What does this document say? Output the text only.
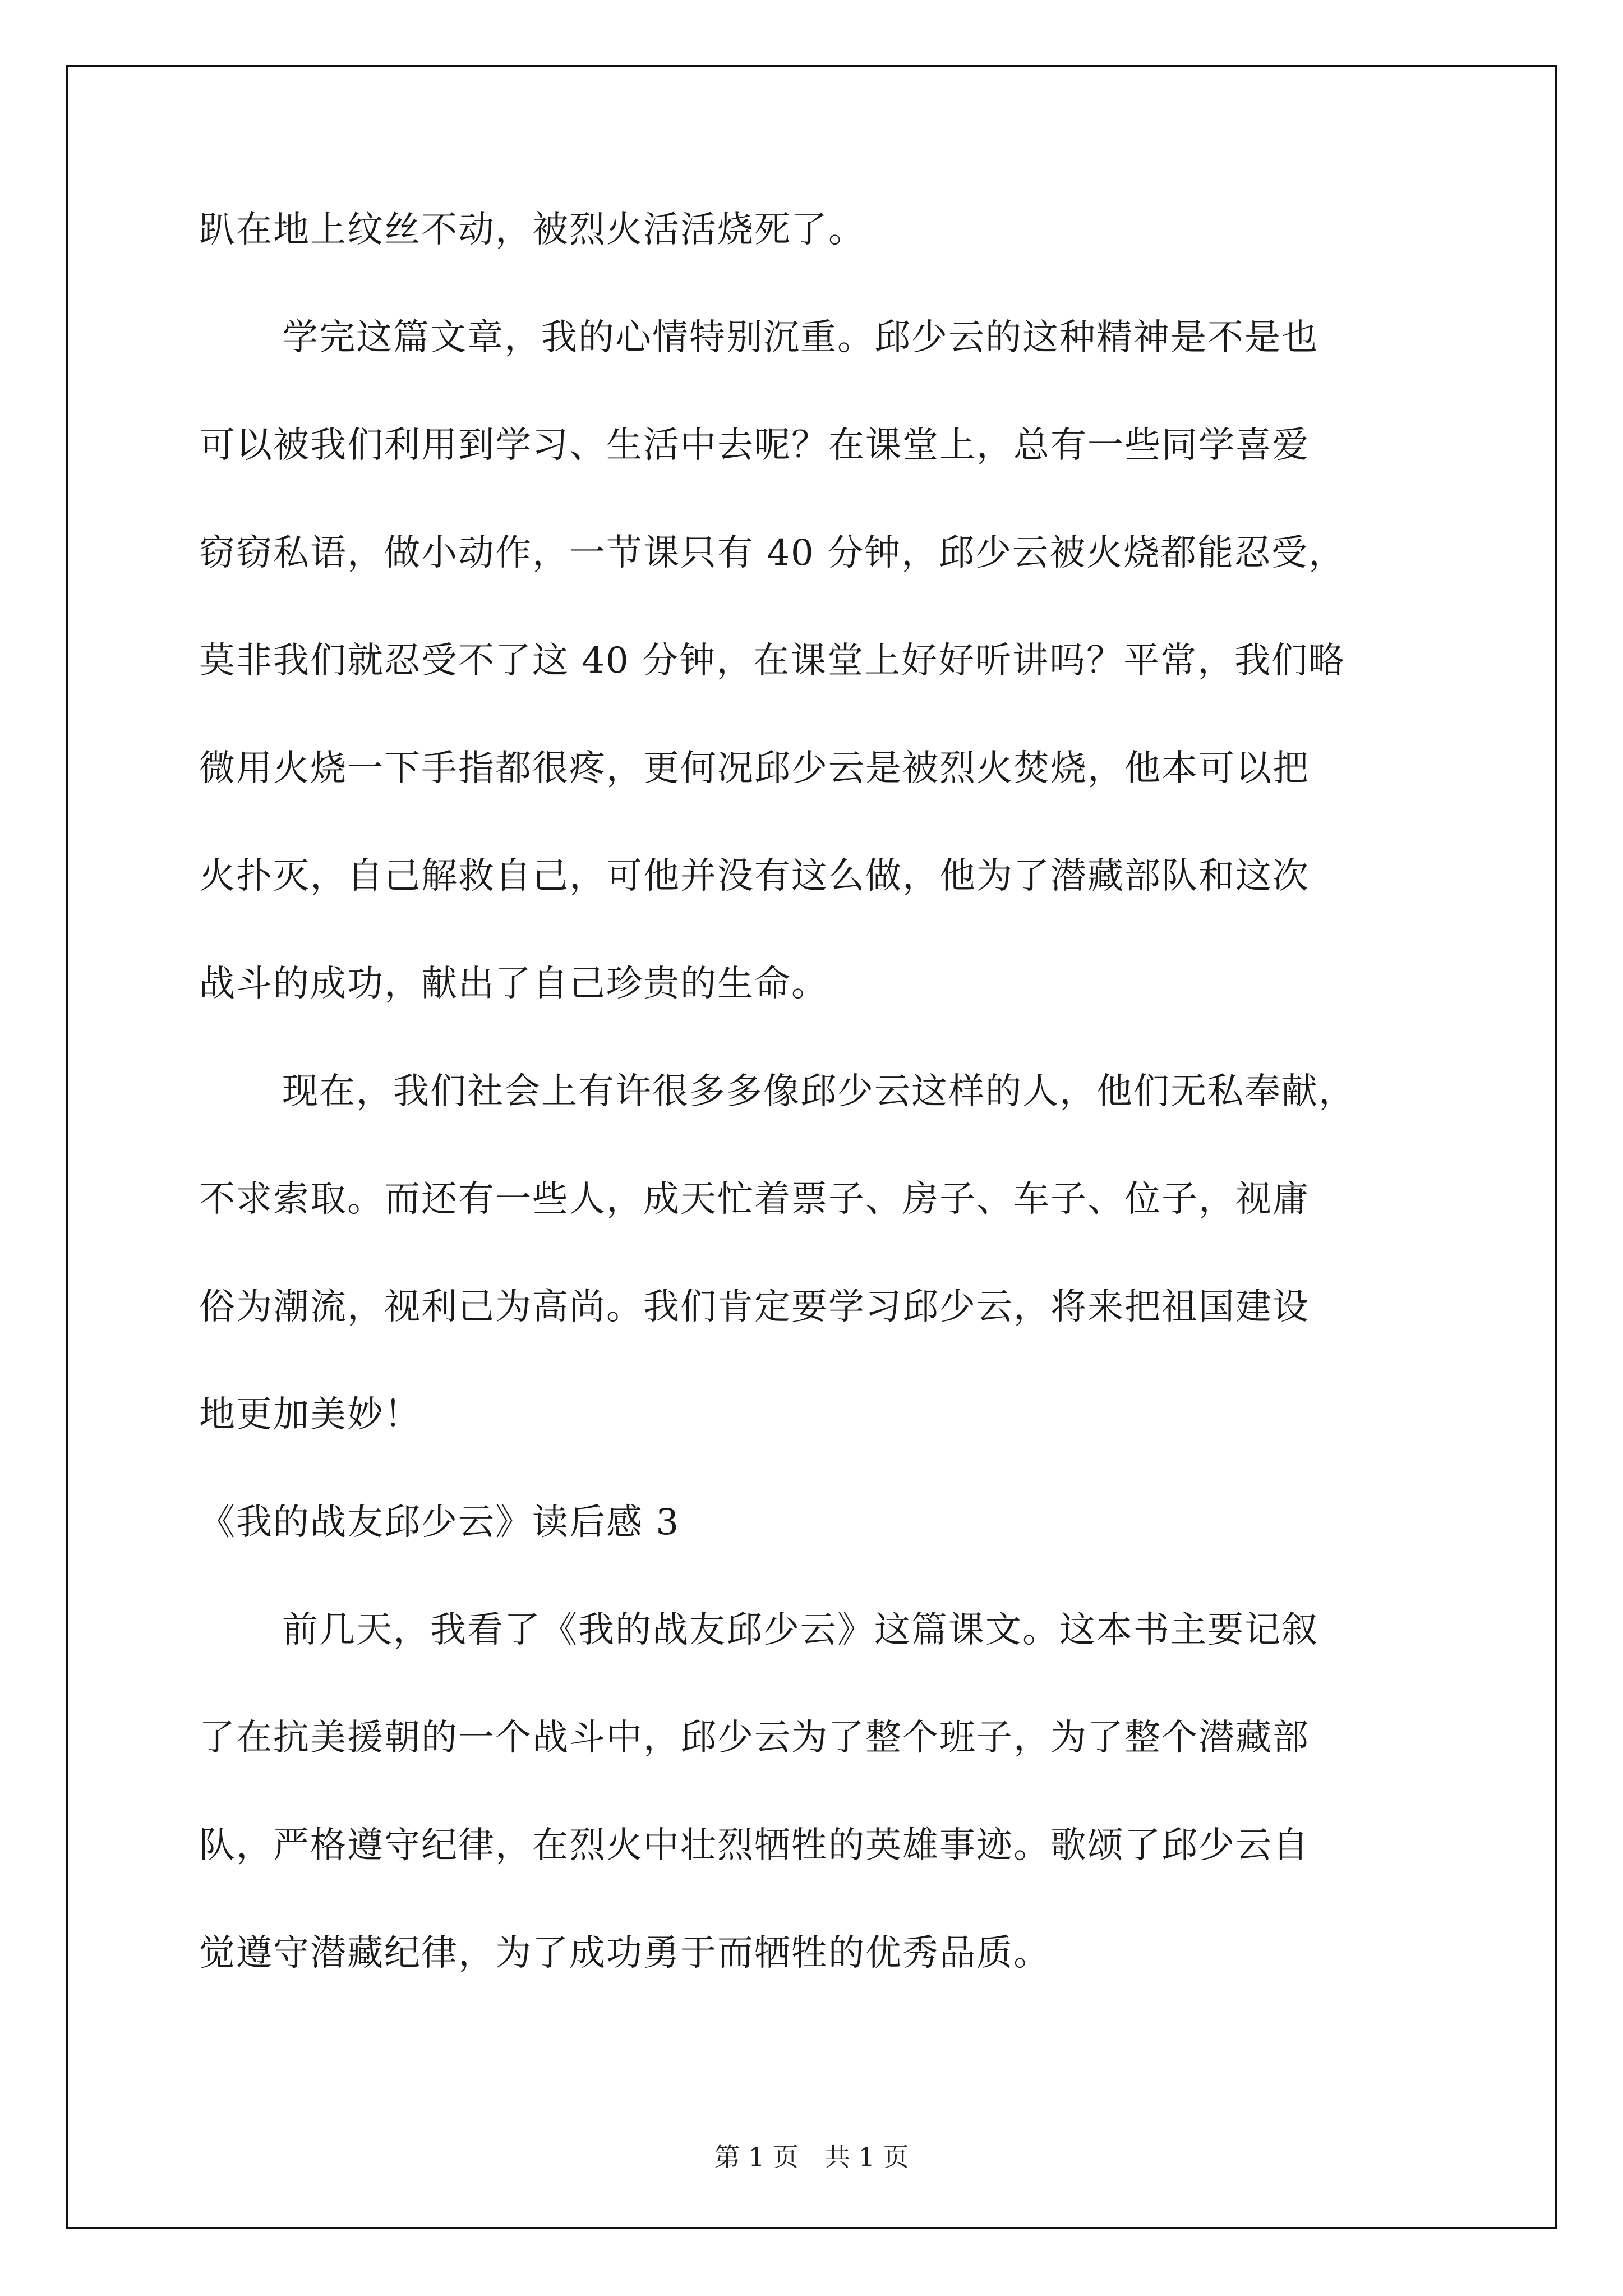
趴在地上纹丝不动，被烈火活活烧死了。
学完这篇文章，我的心情特别沉重。邱少云的这种精神是不是也
可以被我们利用到学习、生活中去呢？在课堂上，总有一些同学喜爱
窃窃私语，做小动作，一节课只有 40 分钟，邱少云被火烧都能忍受，
莫非我们就忍受不了这 40 分钟，在课堂上好好听讲吗？平常，我们略
微用火烧一下手指都很疼，更何况邱少云是被烈火焚烧，他本可以把
火扑灭，自己解救自己，可他并没有这么做，他为了潜藏部队和这次
战斗的成功，献出了自己珍贵的生命。
现在，我们社会上有许很多多像邱少云这样的人，他们无私奉献，
不求索取。而还有一些人，成天忙着票子、房子、车子、位子，视庸
俗为潮流，视利己为高尚。我们肯定要学习邱少云，将来把祖国建设
地更加美妙！
《我的战友邱少云》读后感 3
前几天，我看了《我的战友邱少云》这篇课文。这本书主要记叙
了在抗美援朝的一个战斗中，邱少云为了整个班子，为了整个潜藏部
队，严格遵守纪律，在烈火中壮烈牺牲的英雄事迹。歌颂了邱少云自
觉遵守潜藏纪律，为了成功勇于而牺牲的优秀品质。
第 1 页　共 1 页
